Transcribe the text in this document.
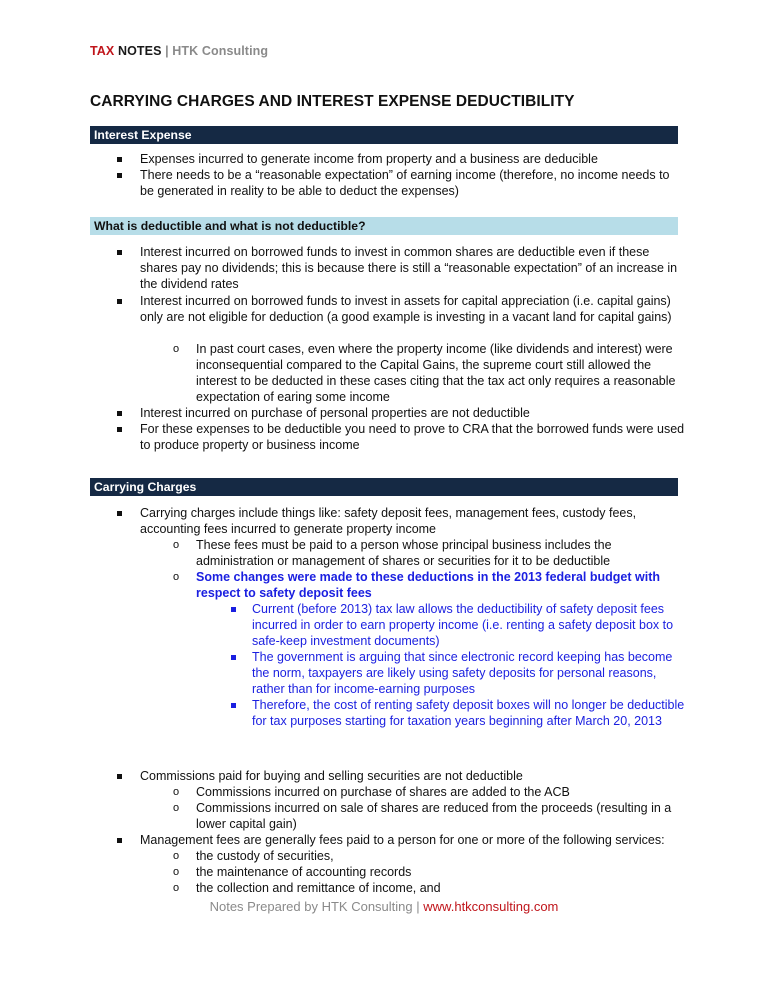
TAX NOTES | HTK Consulting
CARRYING CHARGES AND INTEREST EXPENSE DEDUCTIBILITY
Interest Expense
Expenses incurred to generate income from property and a business are deducible
There needs to be a “reasonable expectation” of earning income (therefore, no income needs to be generated in reality to be able to deduct the expenses)
What is deductible and what is not deductible?
Interest incurred on borrowed funds to invest in common shares are deductible even if these shares pay no dividends; this is because there is still a “reasonable expectation” of an increase in the dividend rates
Interest incurred on borrowed funds to invest in assets for capital appreciation (i.e. capital gains) only are not eligible for deduction (a good example is investing in a vacant land for capital gains)
o In past court cases, even where the property income (like dividends and interest) were inconsequential compared to the Capital Gains, the supreme court still allowed the interest to be deducted in these cases citing that the tax act only requires a reasonable expectation of earing some income
Interest incurred on purchase of personal properties are not deductible
For these expenses to be deductible you need to prove to CRA that the borrowed funds were used to produce property or business income
Carrying Charges
Carrying charges include things like: safety deposit fees, management fees, custody fees, accounting fees incurred to generate property income
o These fees must be paid to a person whose principal business includes the administration or management of shares or securities for it to be deductible
o Some changes were made to these deductions in the 2013 federal budget with respect to safety deposit fees
Current (before 2013) tax law allows the deductibility of safety deposit fees incurred in order to earn property income (i.e. renting a safety deposit box to safe-keep investment documents)
The government is arguing that since electronic record keeping has become the norm, taxpayers are likely using safety deposits for personal reasons, rather than for income-earning purposes
Therefore, the cost of renting safety deposit boxes will no longer be deductible for tax purposes starting for taxation years beginning after March 20, 2013
Commissions paid for buying and selling securities are not deductible
o Commissions incurred on purchase of shares are added to the ACB
o Commissions incurred on sale of shares are reduced from the proceeds (resulting in a lower capital gain)
Management fees are generally fees paid to a person for one or more of the following services:
o the custody of securities,
o the maintenance of accounting records
o the collection and remittance of income, and
Notes Prepared by HTK Consulting | www.htkconsulting.com
